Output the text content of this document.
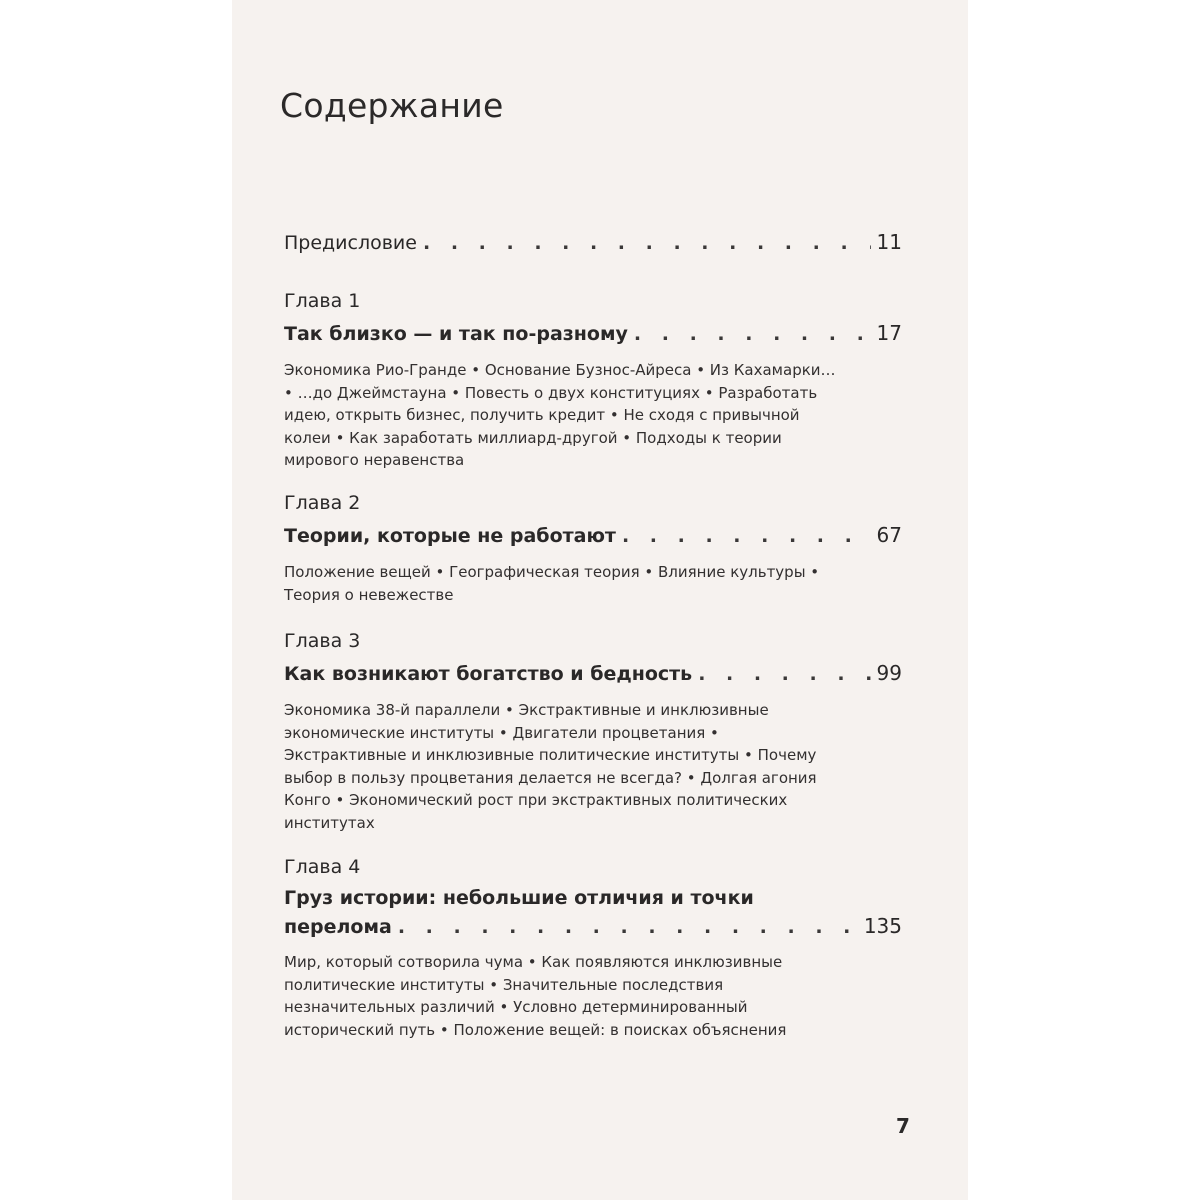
Содержание
Предисловие . . .	11
Глава 1
Так близко — и так по-разному . . .	17
Экономика Рио-Гранде • Основание Бузнос-Айреса • Из Кахамарки… • …до Джеймстауна • Повесть о двух конституциях • Разработать идею, открыть бизнес, получить кредит • Не сходя с привычной колеи • Как заработать миллиард-другой • Подходы к теории мирового неравенства
Глава 2
Теории, которые не работают . . .	67
Положение вещей • Географическая теория • Влияние культуры • Теория о невежестве
Глава 3
Как возникают богатство и бедность . . .	99
Экономика 38-й параллели • Экстрактивные и инклюзивные экономические институты • Двигатели процветания • Экстрактивные и инклюзивные политические институты • Почему выбор в пользу процветания делается не всегда? • Долгая агония Конго • Экономический рост при экстрактивных политических институтах
Глава 4
Груз истории: небольшие отличия и точки
перелома . . .	135
Мир, который сотворила чума • Как появляются инклюзивные политические институты • Значительные последствия незначительных различий • Условно детерминированный исторический путь • Положение вещей: в поисках объяснения
7
